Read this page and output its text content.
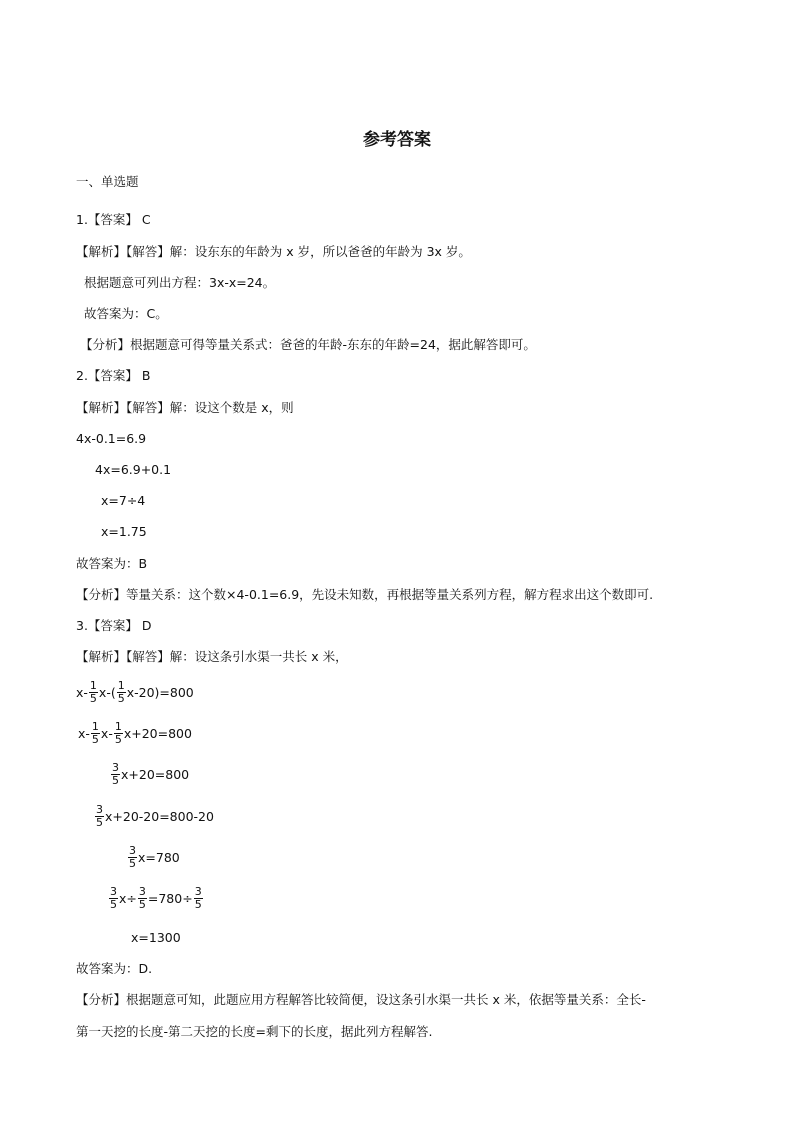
参考答案
一、单选题
1.【答案】 C
【解析】【解答】解：设东东的年龄为 x 岁，所以爸爸的年龄为 3x 岁。
根据题意可列出方程：3x-x=24。
故答案为：C。
【分析】根据题意可得等量关系式：爸爸的年龄-东东的年龄=24，据此解答即可。
2.【答案】 B
【解析】【解答】解：设这个数是 x，则
4x-0.1=6.9
4x=6.9+0.1
x=7÷4
x=1.75
故答案为：B
【分析】等量关系：这个数×4-0.1=6.9，先设未知数，再根据等量关系列方程，解方程求出这个数即可.
3.【答案】 D
【解析】【解答】解：设这条引水渠一共长 x 米，
$x- \frac{1}{5} x-( \frac{1}{5} x-20)=800$
$x- \frac{1}{5} x- \frac{1}{5} x+20=800$
$\frac{3}{5} x+20=800$
$\frac{3}{5} x+20-20=800-20$
$\frac{3}{5} x=780$
$\frac{3}{5} x\div \frac{3}{5} =780\div \frac{3}{5}$
x=1300
故答案为：D.
【分析】根据题意可知，此题应用方程解答比较简便，设这条引水渠一共长 x 米，依据等量关系：全长-
第一天挖的长度-第二天挖的长度=剩下的长度，据此列方程解答.
